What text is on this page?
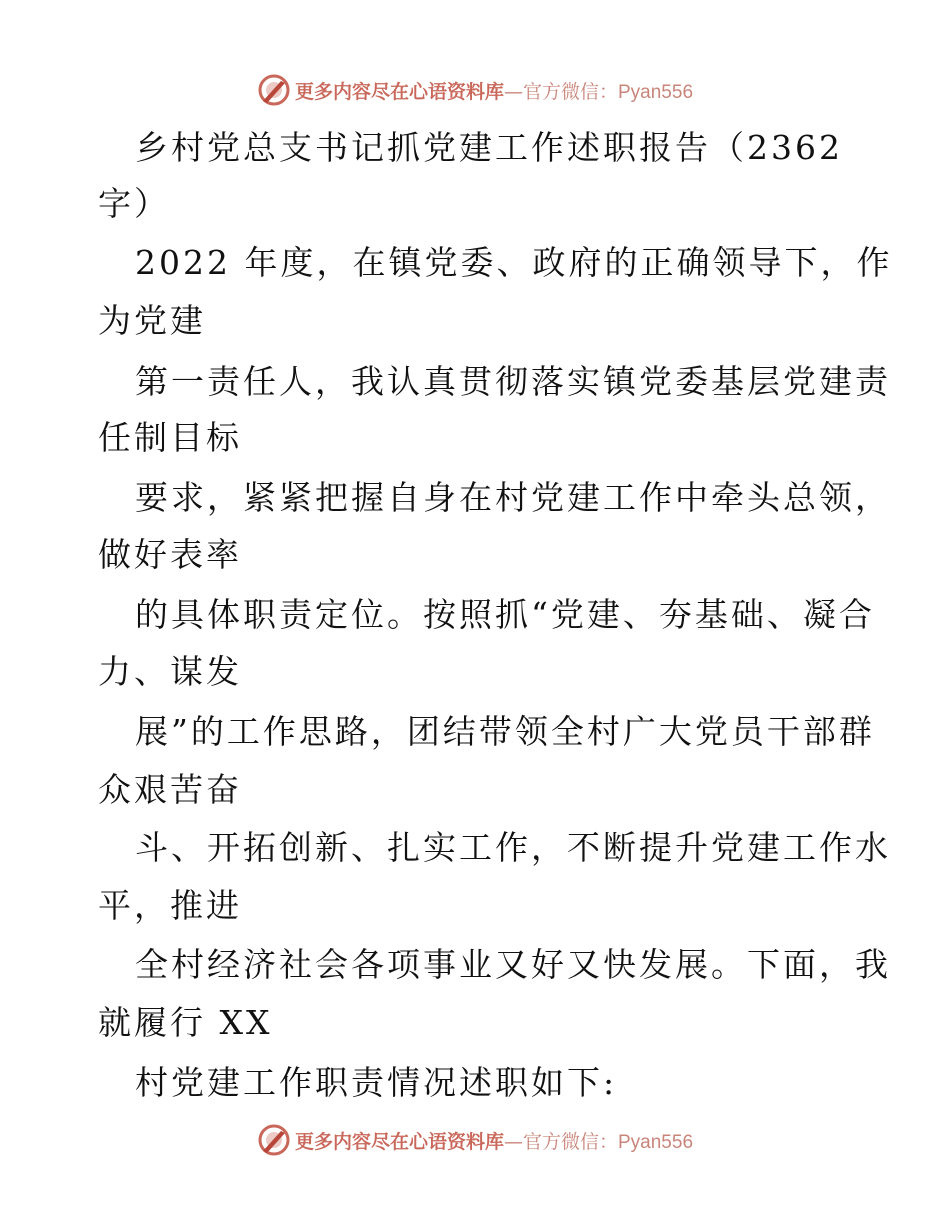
更多内容尽在心语资料库—官方微信：Pyan556
乡村党总支书记抓党建工作述职报告（2362
字）
2022 年度，在镇党委、政府的正确领导下，作
为党建
第一责任人，我认真贯彻落实镇党委基层党建责
任制目标
要求，紧紧把握自身在村党建工作中牵头总领，
做好表率
的具体职责定位。按照抓“党建、夯基础、凝合
力、谋发
展”的工作思路，团结带领全村广大党员干部群
众艰苦奋
斗、开拓创新、扎实工作，不断提升党建工作水
平，推进
全村经济社会各项事业又好又快发展。下面，我
就履行 XX
村党建工作职责情况述职如下:
更多内容尽在心语资料库—官方微信：Pyan556
